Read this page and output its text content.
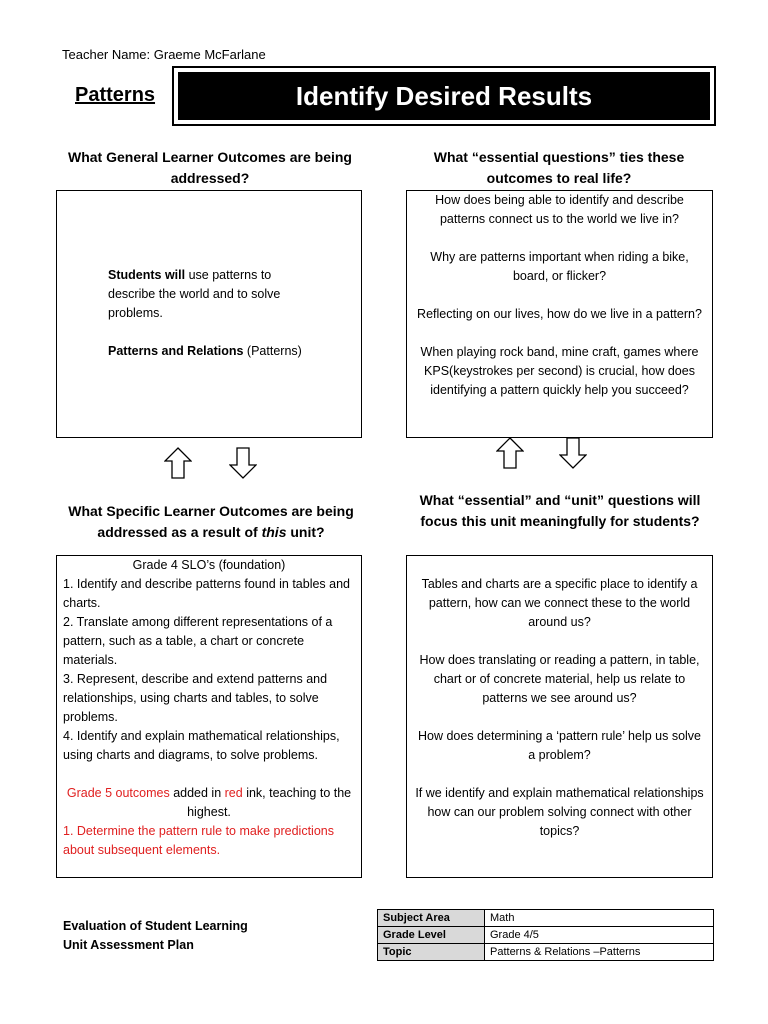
Teacher Name: Graeme McFarlane
Patterns	Identify Desired Results
What General Learner Outcomes are being addressed?
What “essential questions” ties these outcomes to real life?

Students will use patterns to describe the world and to solve problems.

Patterns and Relations (Patterns)

How does being able to identify and describe patterns connect us to the world we live in?

Why are patterns important when riding a bike, board, or flicker?

Reflecting on our lives, how do we live in a pattern?

When playing rock band, mine craft, games where KPS(keystrokes per second) is crucial, how does identifying a pattern quickly help you succeed?

What Specific Learner Outcomes are being addressed as a result of this unit?
What “essential” and “unit” questions will focus this unit meaningfully for students?

Grade 4 SLO’s (foundation)

1. Identify and describe patterns found in tables and charts.

2. Translate among different representations of a pattern, such as a table, a chart or concrete materials.

3. Represent, describe and extend patterns and relationships, using charts and tables, to solve problems.

4. Identify and explain mathematical relationships, using charts and diagrams, to solve problems.

Grade 5 outcomes added in red ink, teaching to the highest.

1. Determine the pattern rule to make predictions about subsequent elements.

Tables and charts are a specific place to identify a pattern, how can we connect these to the world around us?

How does translating or reading a pattern, in table, chart or of concrete material, help us relate to patterns we see around us?

How does determining a ‘pattern rule’ help us solve a problem?

If we identify and explain mathematical relationships how can our problem solving connect with other topics?

Evaluation of Student Learning
Unit Assessment Plan
Subject Area	Math
Grade Level	Grade 4/5
Topic	Patterns & Relations –Patterns
